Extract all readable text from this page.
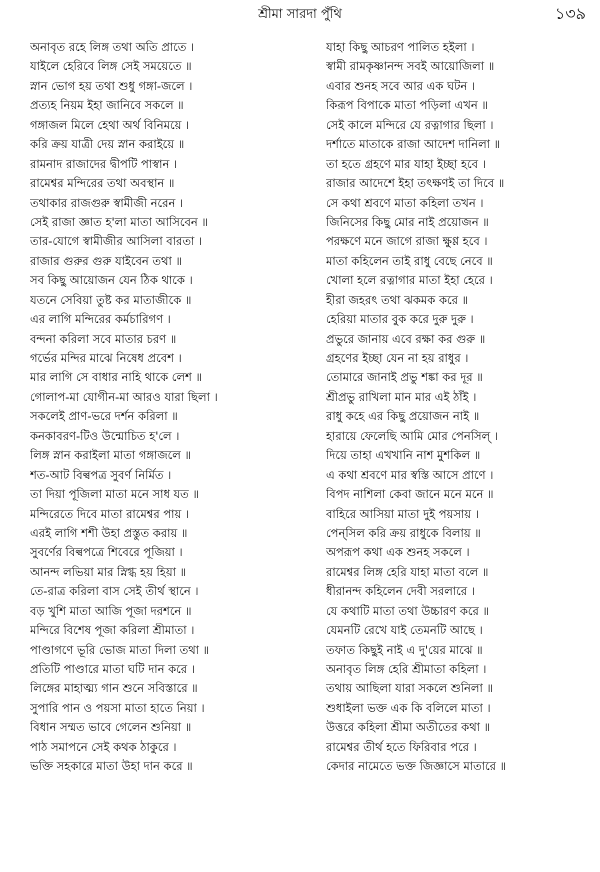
শ্রীমা সারদা পুঁথি	১৩৯
অনাবৃত রহে লিঙ্গ তথা অতি প্রাতে ।
যাইলে হেরিবে লিঙ্গ সেই সময়েতে ॥
স্নান ভোগ হয় তথা শুধু গঙ্গা-জলে ।
প্রত্যহ নিয়ম ইহা জানিবে সকলে ॥
গঙ্গাজল মিলে হেথা অর্থ বিনিময়ে ।
করি ক্রয় যাত্রী দেয় স্নান করাইয়ে ॥
রামনাদ রাজাদের দ্বীপটি পাস্বান ।
রামেশ্বর মন্দিরের তথা অবস্থান ॥
তথাকার রাজগুরু স্বামীজী নরেন ।
সেই রাজা জ্ঞাত হ'লা মাতা আসিবেন ॥
তার-যোগে স্বামীজীর আসিলা বারতা ।
রাজার গুরুর গুরু যাইবেন তথা ॥
সব কিছু আয়োজন যেন ঠিক থাকে ।
যতনে সেবিয়া তুষ্ট কর মাতাজীকে ॥
এর লাগি মন্দিরের কর্মচারিগণ ।
বন্দনা করিলা সবে মাতার চরণ ॥
গর্ভের মন্দির মাঝে নিষেধ প্রবেশ ।
মার লাগি সে বাধার নাহি থাকে লেশ ॥
গোলাপ-মা যোগীন-মা আরও যারা ছিলা ।
সকলেই প্রাণ-ভরে দর্শন করিলা ॥
কনকাবরণ-টিও উন্মোচিত হ'লে ।
লিঙ্গ স্নান করাইলা মাতা গঙ্গাজলে ॥
শত-আট বিল্বপত্র সুবর্ণ নির্মিত ।
তা দিয়া পূজিলা মাতা মনে সাধ যত ॥
মন্দিরেতে দিবে মাতা রামেশ্বর পায় ।
এরই লাগি শশী উহা প্রস্তুত করায় ॥
সুবর্ণের বিল্বপত্রে শিবেরে পূজিয়া ।
আনন্দ লভিয়া মার স্নিগ্ধ হয় হিয়া ॥
তে-রাত্র করিলা বাস সেই তীর্থ স্থানে ।
বড় খুশি মাতা আজি পূজা দরশনে ॥
মন্দিরে বিশেষ পূজা করিলা শ্রীমাতা ।
পাণ্ডাগণে ভূরি ভোজ মাতা দিলা তথা ॥
প্রতিটি পাণ্ডারে মাতা ঘটি দান করে ।
লিঙ্গের মাহাত্ম্য গান শুনে সবিস্তারে ॥
সুপারি পান ও পয়সা মাতা হাতে নিয়া ।
বিধান সম্মত ভাবে গেলেন শুনিয়া ॥
পাঠ সমাপনে সেই কথক ঠাকুরে ।
ভক্তি সহকারে মাতা উহা দান করে ॥
যাহা কিছু আচরণ পালিত হইলা ।
স্বামী রামকৃষ্ণানন্দ সবই আয়োজিলা ॥
এবার শুনহ সবে আর এক ঘটন ।
কিরূপ বিপাকে মাতা পড়িলা এখন ॥
সেই কালে মন্দিরে যে রত্নাগার ছিলা ।
দর্শাতে মাতাকে রাজা আদেশ দানিলা ॥
তা হতে গ্রহণে মার যাহা ইচ্ছা হবে ।
রাজার আদেশে ইহা তৎক্ষণই তা দিবে ॥
সে কথা শ্রবণে মাতা কহিলা তখন ।
জিনিসের কিছু মোর নাই প্রয়োজন ॥
পরক্ষণে মনে জাগে রাজা ক্ষুণ্ণ হবে ।
মাতা কহিলেন তাই রাধু বেছে নেবে ॥
খোলা হলে রত্নাগার মাতা ইহা হেরে ।
হীরা জহরৎ তথা ঝকমক করে ॥
হেরিয়া মাতার বুক করে দুরু দুরু ।
প্রভুরে জানায় এবে রক্ষা কর গুরু ॥
গ্রহণের ইচ্ছা যেন না হয় রাধুর ।
তোমারে জানাই প্রভু শঙ্কা কর দূর ॥
শ্রীপ্রভু রাখিলা মান মার এই ঠাঁই ।
রাধু কহে এর কিছু প্রয়োজন নাই ॥
হারায়ে ফেলেছি আমি মোর পেনসিল্‌ ।
দিয়ে তাহা এখখানি নাশ মুশকিল ॥
এ কথা শ্রবণে মার স্বস্তি আসে প্রাণে ।
বিপদ নাশিলা কেবা জানে মনে মনে ॥
বাহিরে আসিয়া মাতা দুই পয়সায় ।
পেন্‌সিল করি ক্রয় রাধুকে বিলায় ॥
অপরূপ কথা এক শুনহ সকলে ।
রামেশ্বর লিঙ্গ হেরি যাহা মাতা বলে ॥
ধীরানন্দ কহিলেন দেবী সরলারে ।
যে কথাটি মাতা তথা উচ্চারণ করে ॥
যেমনটি রেখে যাই তেমনটি আছে ।
তফাত কিছুই নাই এ দু'য়ের মাঝে ॥
অনাবৃত লিঙ্গ হেরি শ্রীমাতা কহিলা ।
তথায় আছিলা যারা সকলে শুনিলা ॥
শুধাইলা ভক্ত এক কি বলিলে মাতা ।
উত্তরে কহিলা শ্রীমা অতীতের কথা ॥
রামেশ্বর তীর্থ হতে ফিরিবার পরে ।
কেদার নামেতে ভক্ত জিজ্ঞাসে মাতারে ॥
